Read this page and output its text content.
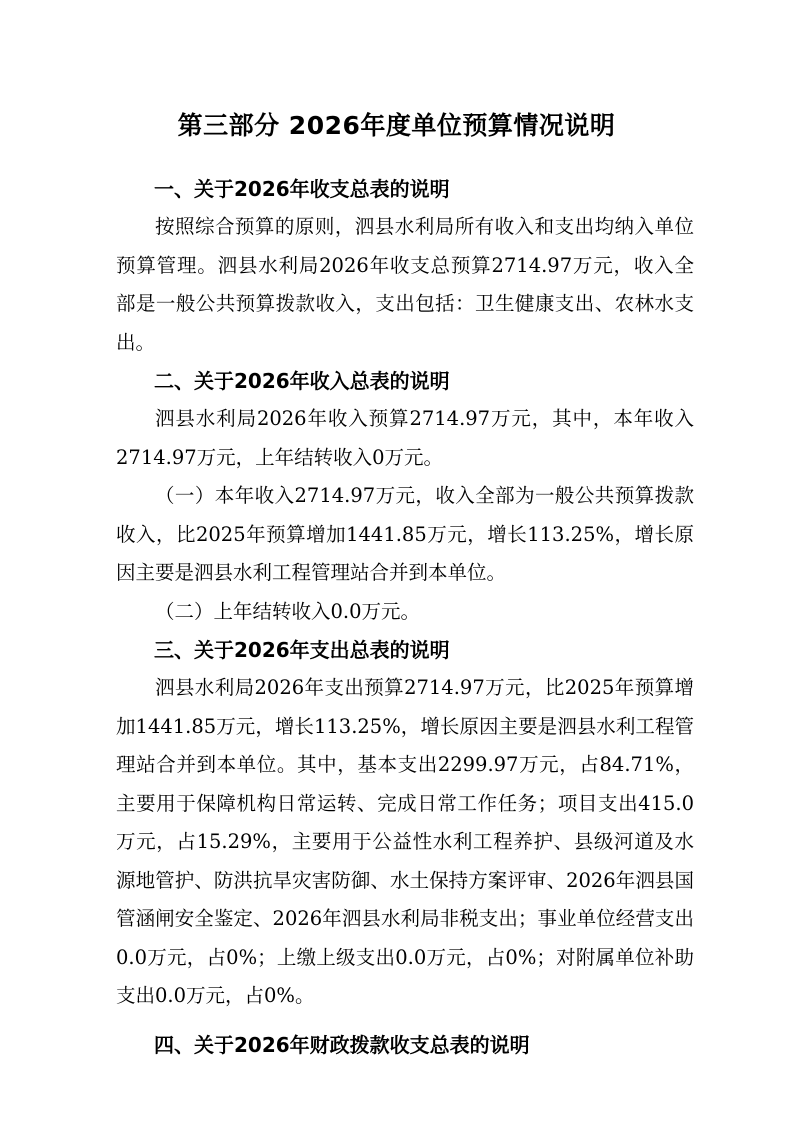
第三部分 2026年度单位预算情况说明
一、关于2026年收支总表的说明

按照综合预算的原则，泗县水利局所有收入和支出均纳入单位预算管理。泗县水利局2026年收支总预算2714.97万元，收入全部是一般公共预算拨款收入，支出包括：卫生健康支出、农林水支出。

二、关于2026年收入总表的说明

泗县水利局2026年收入预算2714.97万元，其中，本年收入2714.97万元，上年结转收入0万元。

（一）本年收入2714.97万元，收入全部为一般公共预算拨款收入，比2025年预算增加1441.85万元，增长113.25%，增长原因主要是泗县水利工程管理站合并到本单位。

（二）上年结转收入0.0万元。

三、关于2026年支出总表的说明

泗县水利局2026年支出预算2714.97万元，比2025年预算增加1441.85万元，增长113.25%，增长原因主要是泗县水利工程管理站合并到本单位。其中，基本支出2299.97万元，占84.71%，主要用于保障机构日常运转、完成日常工作任务；项目支出415.0万元，占15.29%，主要用于公益性水利工程养护、县级河道及水源地管护、防洪抗旱灾害防御、水土保持方案评审、2026年泗县国管涵闸安全鉴定、2026年泗县水利局非税支出；事业单位经营支出0.0万元，占0%；上缴上级支出0.0万元，占0%；对附属单位补助支出0.0万元，占0%。

四、关于2026年财政拨款收支总表的说明
